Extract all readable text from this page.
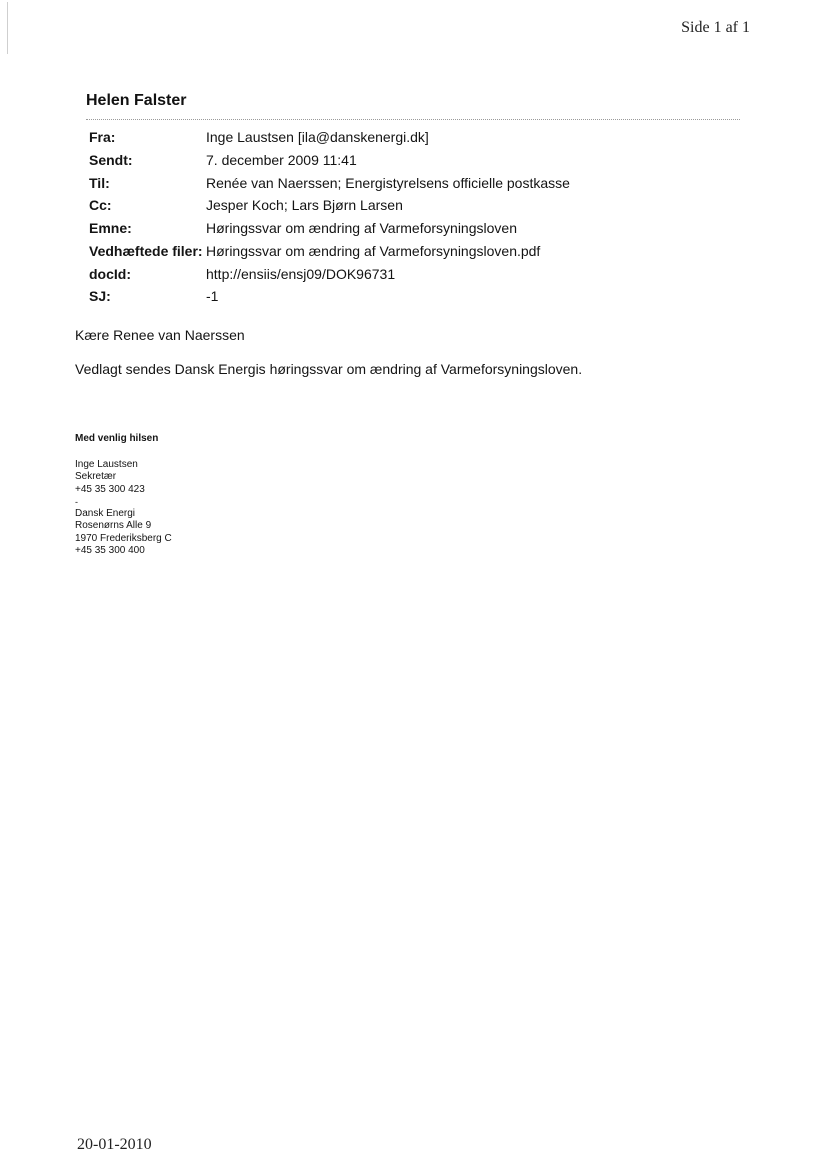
Side 1 af 1
Helen Falster
Fra:	Inge Laustsen [ila@danskenergi.dk]
Sendt:	7. december 2009 11:41
Til:	Renée van Naerssen; Energistyrelsens officielle postkasse
Cc:	Jesper Koch; Lars Bjørn Larsen
Emne:	Høringssvar om ændring af Varmeforsyningsloven
Vedhæftede filer:	Høringssvar om ændring af Varmeforsyningsloven.pdf
docId:	http://ensiis/ensj09/DOK96731
SJ:	-1
Kære Renee van Naerssen
Vedlagt sendes Dansk Energis høringssvar om ændring af Varmeforsyningsloven.
Med venlig hilsen
Inge Laustsen
Sekretær
+45 35 300 423
-
Dansk Energi
Rosenørns Alle 9
1970 Frederiksberg C
+45 35 300 400
20-01-2010
